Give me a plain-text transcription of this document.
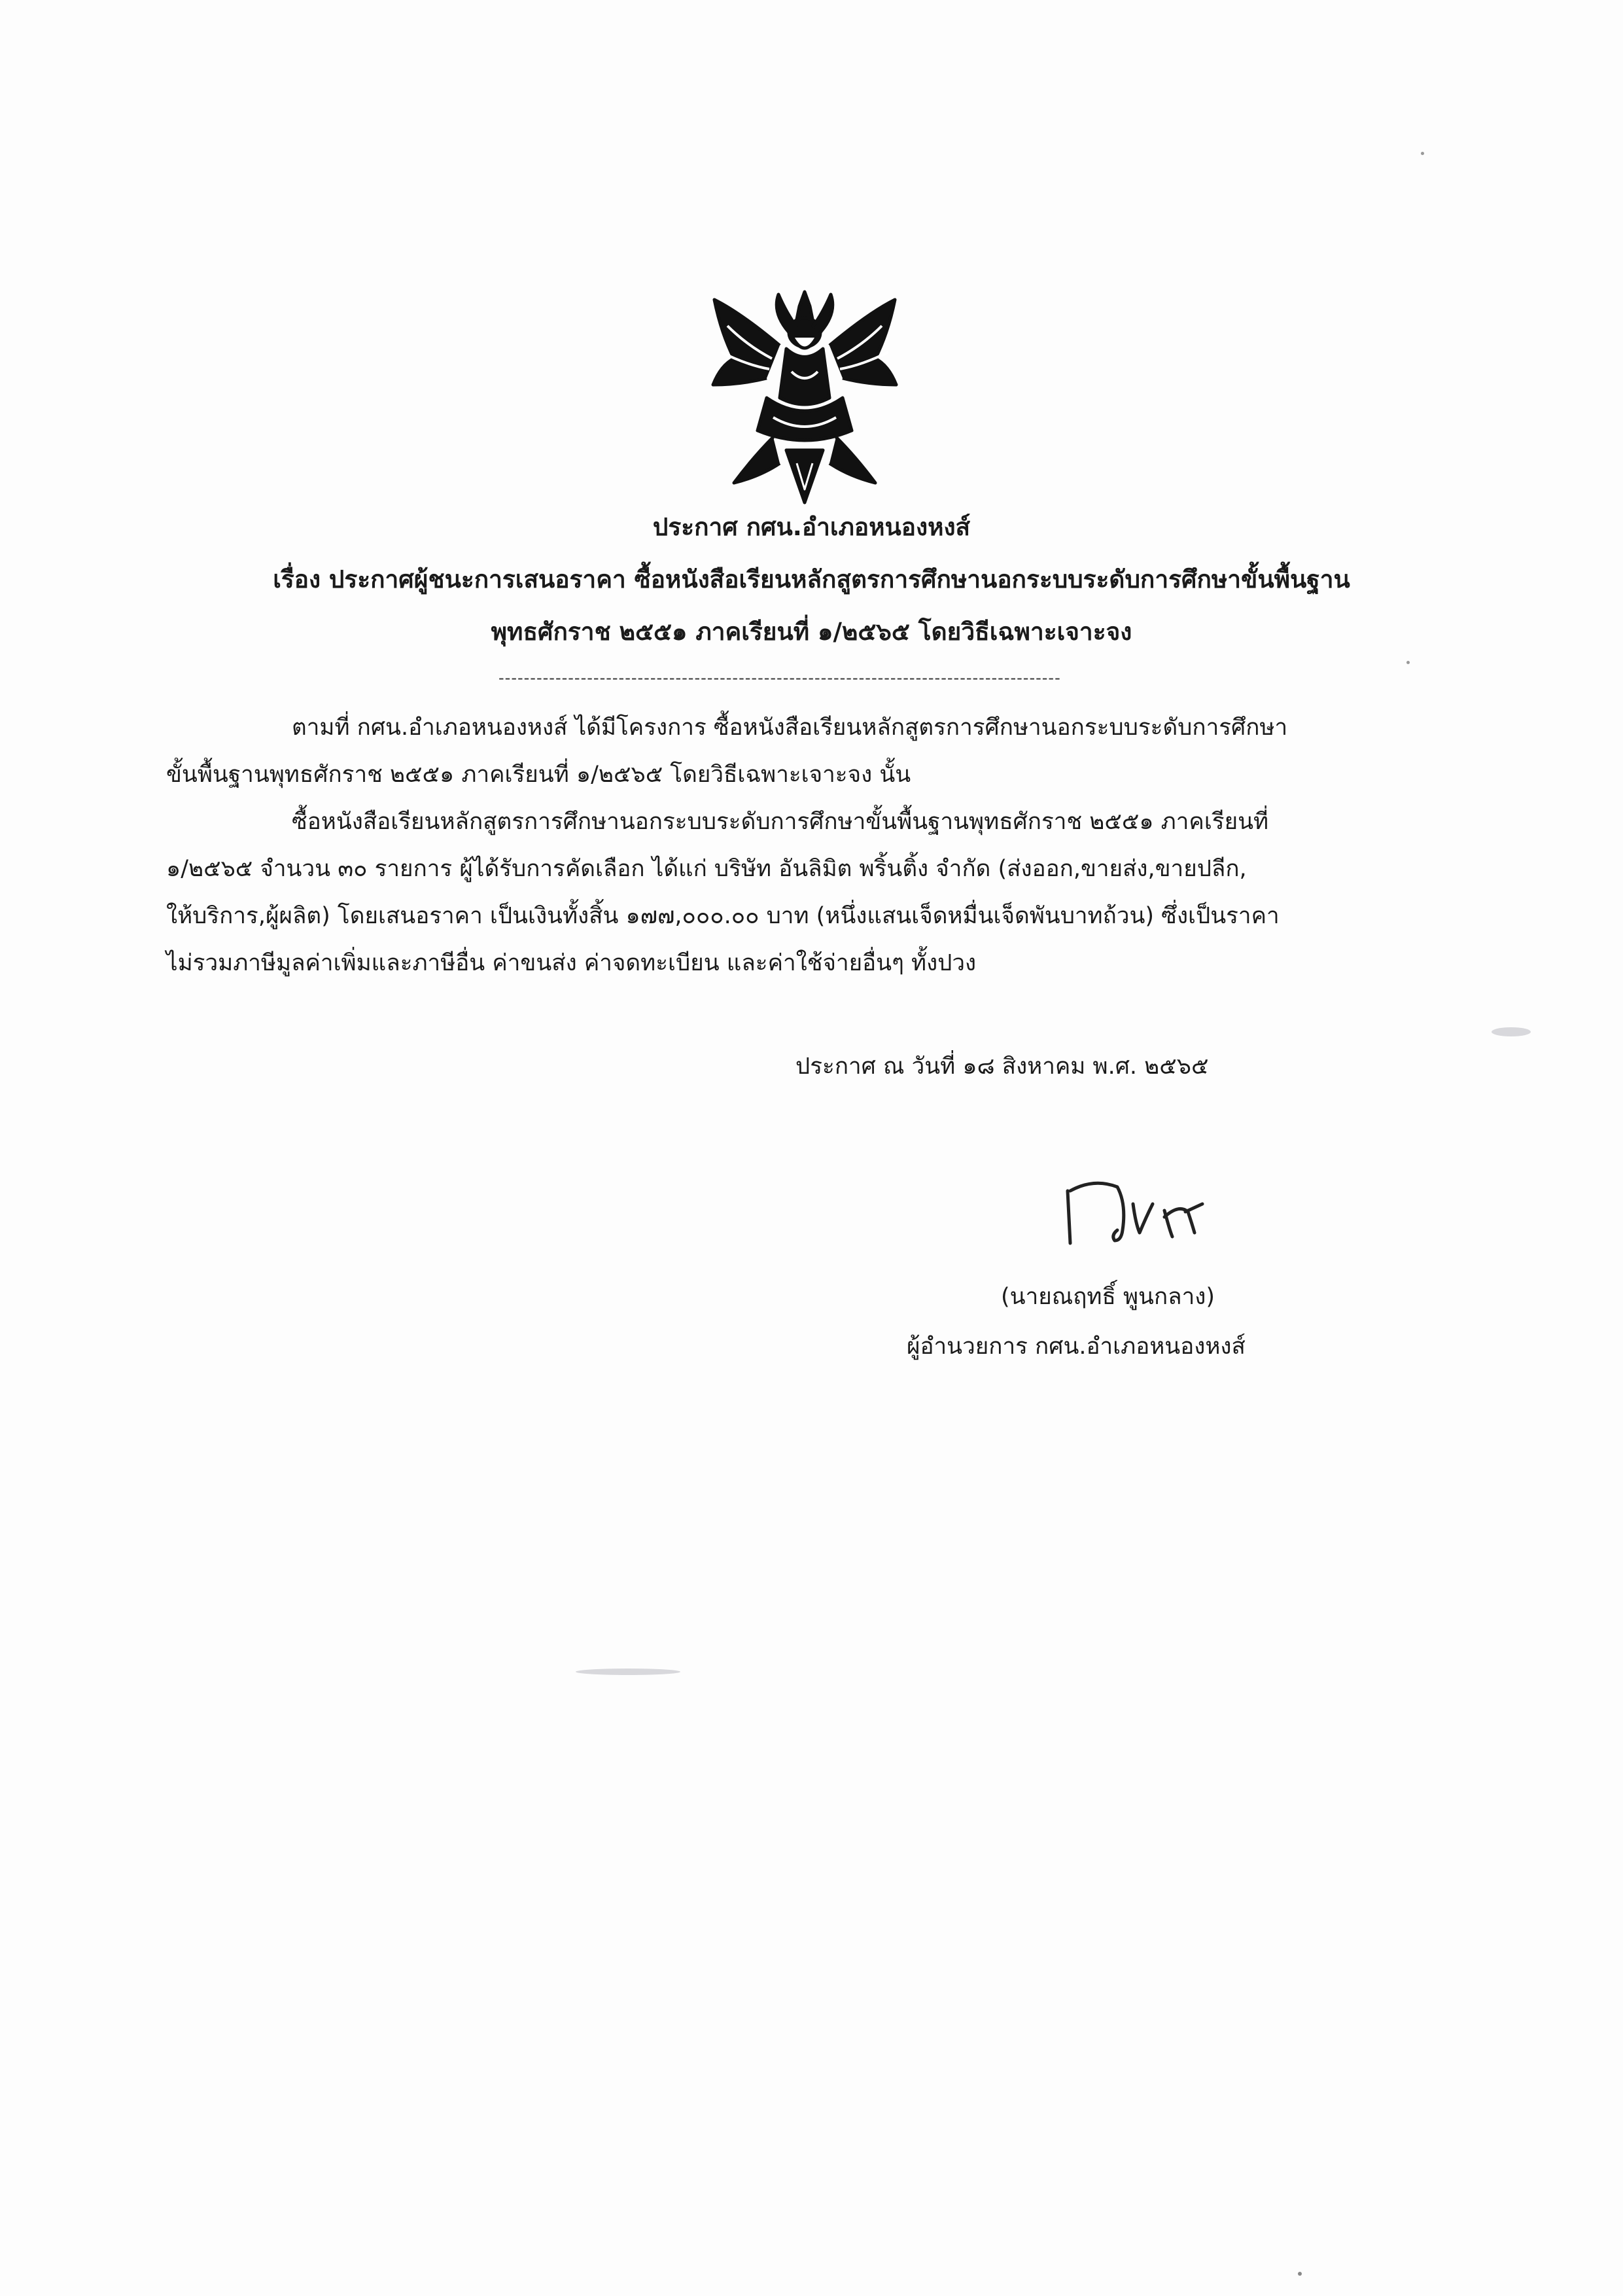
ประกาศ กศน.อำเภอหนองหงส์
เรื่อง ประกาศผู้ชนะการเสนอราคา ซื้อหนังสือเรียนหลักสูตรการศึกษานอกระบบระดับการศึกษาขั้นพื้นฐาน
พุทธศักราช ๒๕๕๑ ภาคเรียนที่ ๑/๒๕๖๕ โดยวิธีเฉพาะเจาะจง
-----------------------------------------------------------------------------------------
ตามที่ กศน.อำเภอหนองหงส์ ได้มีโครงการ ซื้อหนังสือเรียนหลักสูตรการศึกษานอกระบบระดับการศึกษา
ขั้นพื้นฐานพุทธศักราช ๒๕๕๑ ภาคเรียนที่ ๑/๒๕๖๕ โดยวิธีเฉพาะเจาะจง นั้น
ซื้อหนังสือเรียนหลักสูตรการศึกษานอกระบบระดับการศึกษาขั้นพื้นฐานพุทธศักราช ๒๕๕๑ ภาคเรียนที่
๑/๒๕๖๕ จำนวน ๓๐ รายการ ผู้ได้รับการคัดเลือก ได้แก่ บริษัท อันลิมิต พริ้นติ้ง จำกัด (ส่งออก,ขายส่ง,ขายปลีก,
ให้บริการ,ผู้ผลิต) โดยเสนอราคา เป็นเงินทั้งสิ้น ๑๗๗,๐๐๐.๐๐ บาท (หนึ่งแสนเจ็ดหมื่นเจ็ดพันบาทถ้วน) ซึ่งเป็นราคา
ไม่รวมภาษีมูลค่าเพิ่มและภาษีอื่น ค่าขนส่ง ค่าจดทะเบียน และค่าใช้จ่ายอื่นๆ ทั้งปวง
ประกาศ ณ วันที่ ๑๘ สิงหาคม พ.ศ. ๒๕๖๕
(นายณฤทธิ์ พูนกลาง)
ผู้อำนวยการ กศน.อำเภอหนองหงส์
